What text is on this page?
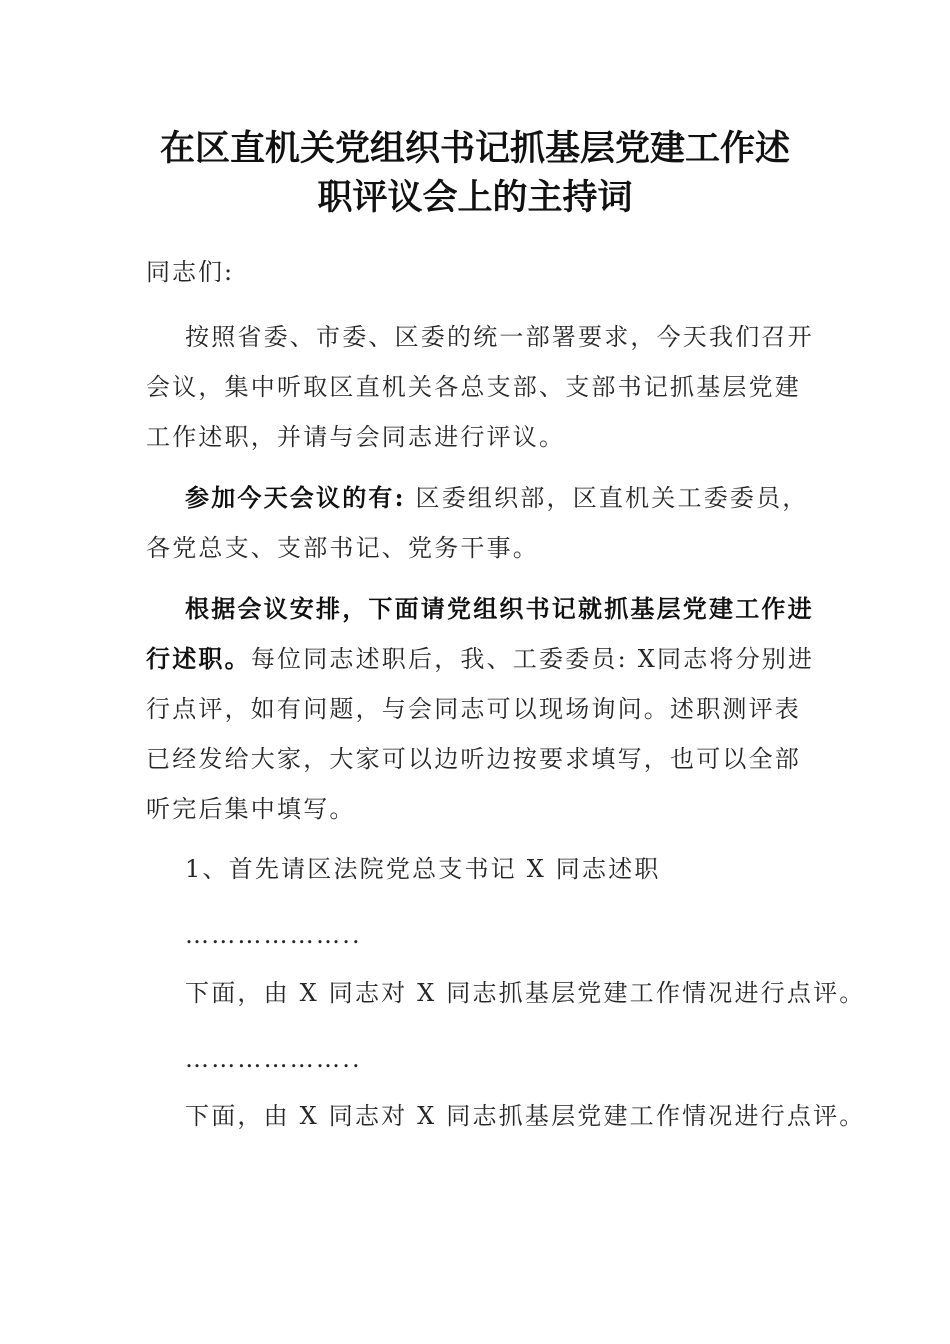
在区直机关党组织书记抓基层党建工作述
职评议会上的主持词
同志们:

按照省委、市委、区委的统一部署要求，今天我们召开会议，集中听取区直机关各总支部、支部书记抓基层党建工作述职，并请与会同志进行评议。

参加今天会议的有: 区委组织部，区直机关工委委员，各党总支、支部书记、党务干事。

根据会议安排，下面请党组织书记就抓基层党建工作进行述职。每位同志述职后，我、工委委员: X同志将分别进行点评，如有问题，与会同志可以现场询问。述职测评表已经发给大家，大家可以边听边按要求填写，也可以全部听完后集中填写。

1、首先请区法院党总支书记 X 同志述职
………………..
下面，由 X 同志对 X 同志抓基层党建工作情况进行点评。
………………..
下面，由 X 同志对 X 同志抓基层党建工作情况进行点评。
